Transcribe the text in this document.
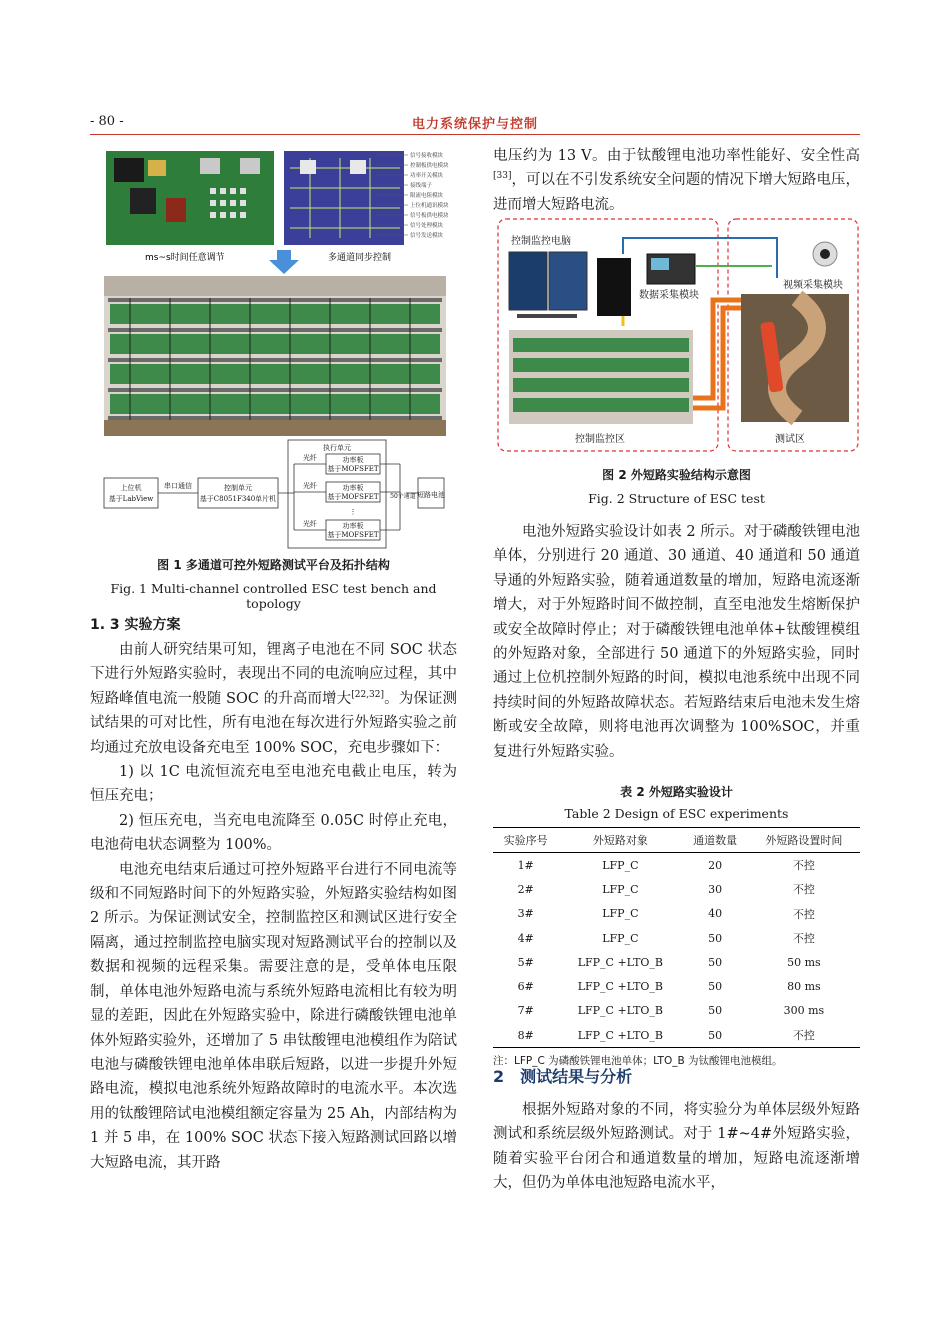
- 80 -	电力系统保护与控制
信号接收模块
控制板供电模块
功率开关模块
接线端子
限流电阻模块
上位机通讯模块
信号板供电模块
信号处理模块
信号发送模块
ms~s时间任意调节	多通道同步控制
上位机
基于LabView
串口通信	控制单元
基于C8051F340单片机
执行单元
光纤
光纤
光纤
功率板
基于MOFSFET
功率板
基于MOFSFET
⋮
功率板
基于MOFSFET
50个通道 短路电池
图 1 多通道可控外短路测试平台及拓扑结构
Fig. 1 Multi-channel controlled ESC test bench and topology
1. 3 实验方案

由前人研究结果可知，锂离子电池在不同 SOC 状态下进行外短路实验时，表现出不同的电流响应过程，其中短路峰值电流一般随 SOC 的升高而增大[22,32]。为保证测试结果的可对比性，所有电池在每次进行外短路实验之前均通过充放电设备充电至 100% SOC，充电步骤如下：

1) 以 1C 电流恒流充电至电池充电截止电压，转为恒压充电；

2) 恒压充电，当充电电流降至 0.05C 时停止充电，电池荷电状态调整为 100%。

电池充电结束后通过可控外短路平台进行不同电流等级和不同短路时间下的外短路实验，外短路实验结构如图 2 所示。为保证测试安全，控制监控区和测试区进行安全隔离，通过控制监控电脑实现对短路测试平台的控制以及数据和视频的远程采集。需要注意的是，受单体电压限制，单体电池外短路电流与系统外短路电流相比有较为明显的差距，因此在外短路实验中，除进行磷酸铁锂电池单体外短路实验外，还增加了 5 串钛酸锂电池模组作为陪试电池与磷酸铁锂电池单体串联后短路，以进一步提升外短路电流，模拟电池系统外短路故障时的电流水平。本次选用的钛酸锂陪试电池模组额定容量为 25 Ah，内部结构为 1 并 5 串，在 100% SOC 状态下接入短路测试回路以增大短路电流，其开路

电压约为 13 V。由于钛酸锂电池功率性能好、安全性高[33]，可以在不引发系统安全问题的情况下增大短路电压，进而增大短路电流。

控制监控电脑
数据采集模块
视频采集模块
控制监控区	测试区
图 2 外短路实验结构示意图
Fig. 2 Structure of ESC test

电池外短路实验设计如表 2 所示。对于磷酸铁锂电池单体，分别进行 20 通道、30 通道、40 通道和 50 通道导通的外短路实验，随着通道数量的增加，短路电流逐渐增大，对于外短路时间不做控制，直至电池发生熔断保护或安全故障时停止；对于磷酸铁锂电池单体+钛酸锂模组的外短路对象，全部进行 50 通道下的外短路实验，同时通过上位机控制外短路的时间，模拟电池系统中出现不同持续时间的外短路故障状态。若短路结束后电池未发生熔断或安全故障，则将电池再次调整为 100%SOC，并重复进行外短路实验。

表 2 外短路实验设计
Table 2 Design of ESC experiments
实验序号	外短路对象	通道数量	外短路设置时间
1#	LFP_C	20	不控
2#	LFP_C	30	不控
3#	LFP_C	40	不控
4#	LFP_C	50	不控
5#	LFP_C +LTO_B	50	50 ms
6#	LFP_C +LTO_B	50	80 ms
7#	LFP_C +LTO_B	50	300 ms
8#	LFP_C +LTO_B	50	不控
注：LFP_C 为磷酸铁锂电池单体；LTO_B 为钛酸锂电池模组。
2　测试结果与分析

根据外短路对象的不同，将实验分为单体层级外短路测试和系统层级外短路测试。对于 1#~4#外短路实验，随着实验平台闭合和通道数量的增加，短路电流逐渐增大，但仍为单体电池短路电流水平，
